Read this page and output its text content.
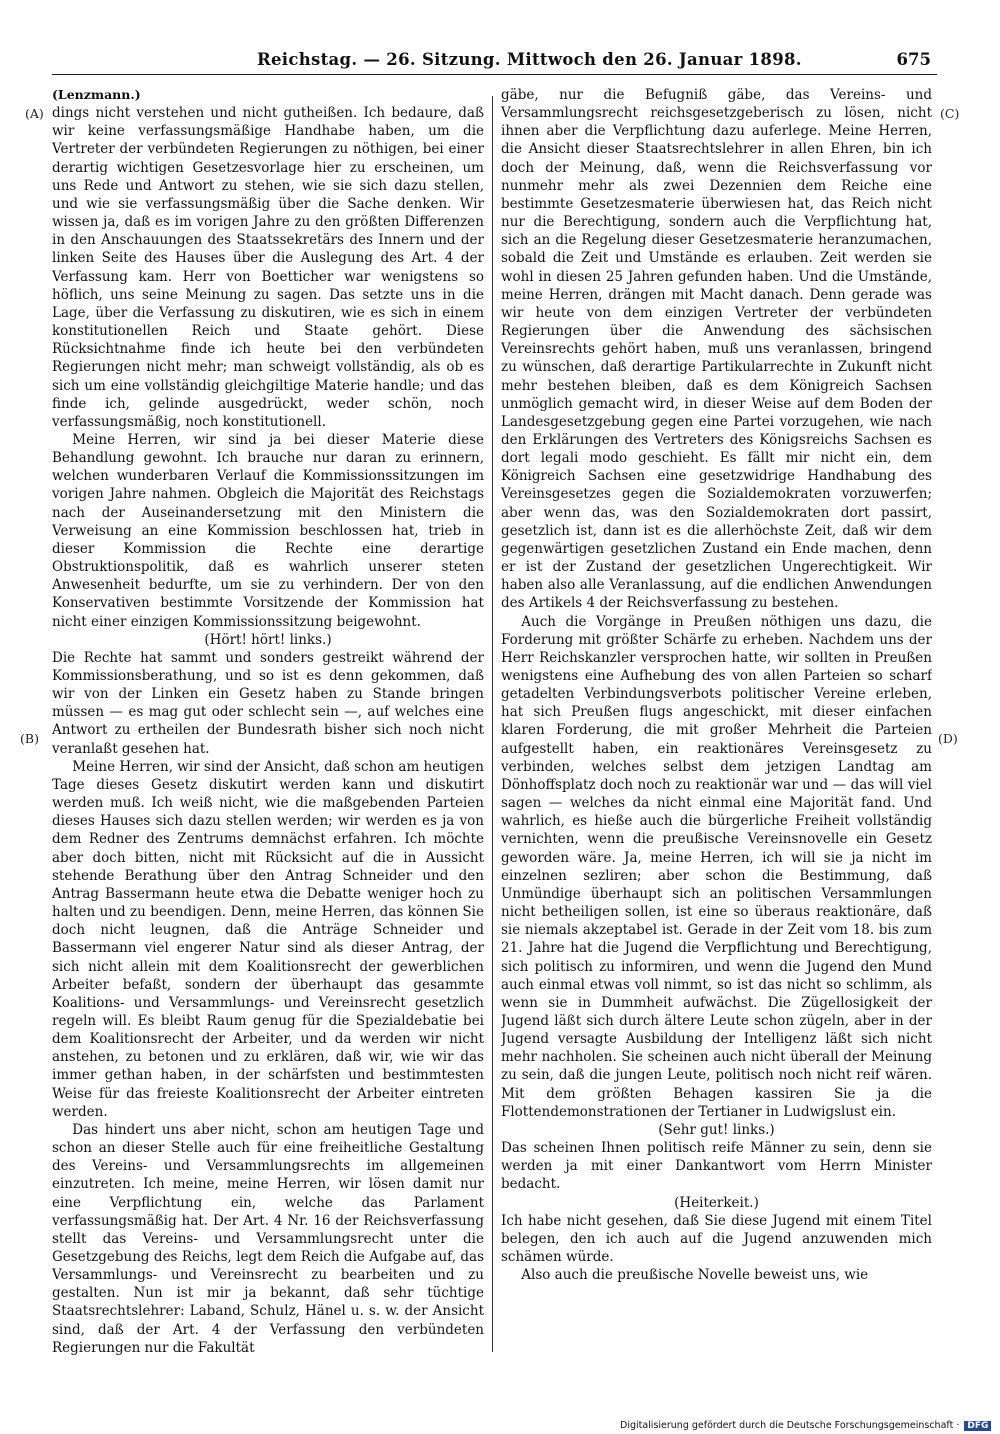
Reichstag. — 26. Sitzung. Mittwoch den 26. Januar 1898.	675
(A)
(B)
(C)
(D)

(Lenzmann.)

dings nicht verstehen und nicht gutheißen. Ich bedaure, daß wir keine verfassungsmäßige Handhabe haben, um die Vertreter der verbündeten Regierungen zu nöthigen, bei einer derartig wichtigen Gesetzesvorlage hier zu erscheinen, um uns Rede und Antwort zu stehen, wie sie sich dazu stellen, und wie sie verfassungsmäßig über die Sache denken. Wir wissen ja, daß es im vorigen Jahre zu den größten Differenzen in den Anschauungen des Staatssekretärs des Innern und der linken Seite des Hauses über die Auslegung des Art. 4 der Verfassung kam. Herr von Boetticher war wenigstens so höflich, uns seine Meinung zu sagen. Das setzte uns in die Lage, über die Verfassung zu diskutiren, wie es sich in einem konstitutionellen Reich und Staate gehört. Diese Rücksichtnahme finde ich heute bei den verbündeten Regierungen nicht mehr; man schweigt vollständig, als ob es sich um eine vollständig gleichgiltige Materie handle; und das finde ich, gelinde ausgedrückt, weder schön, noch verfassungsmäßig, noch konstitutionell.

Meine Herren, wir sind ja bei dieser Materie diese Behandlung gewohnt. Ich brauche nur daran zu erinnern, welchen wunderbaren Verlauf die Kommissionssitzungen im vorigen Jahre nahmen. Obgleich die Majorität des Reichstags nach der Auseinandersetzung mit den Ministern die Verweisung an eine Kommission beschlossen hat, trieb in dieser Kommission die Rechte eine derartige Obstruktionspolitik, daß es wahrlich unserer steten Anwesenheit bedurfte, um sie zu verhindern. Der von den Konservativen bestimmte Vorsitzende der Kommission hat nicht einer einzigen Kommissionssitzung beigewohnt.

(Hört! hört! links.)

Die Rechte hat sammt und sonders gestreikt während der Kommissionsberathung, und so ist es denn gekommen, daß wir von der Linken ein Gesetz haben zu Stande bringen müssen — es mag gut oder schlecht sein —, auf welches eine Antwort zu ertheilen der Bundesrath bisher sich noch nicht veranlaßt gesehen hat.

Meine Herren, wir sind der Ansicht, daß schon am heutigen Tage dieses Gesetz diskutirt werden kann und diskutirt werden muß. Ich weiß nicht, wie die maßgebenden Parteien dieses Hauses sich dazu stellen werden; wir werden es ja von dem Redner des Zentrums demnächst erfahren. Ich möchte aber doch bitten, nicht mit Rücksicht auf die in Aussicht stehende Berathung über den Antrag Schneider und den Antrag Bassermann heute etwa die Debatte weniger hoch zu halten und zu beendigen. Denn, meine Herren, das können Sie doch nicht leugnen, daß die Anträge Schneider und Bassermann viel engerer Natur sind als dieser Antrag, der sich nicht allein mit dem Koalitionsrecht der gewerblichen Arbeiter befaßt, sondern der überhaupt das gesammte Koalitions- und Versammlungs- und Vereinsrecht gesetzlich regeln will. Es bleibt Raum genug für die Spezialdebatie bei dem Koalitionsrecht der Arbeiter, und da werden wir nicht anstehen, zu betonen und zu erklären, daß wir, wie wir das immer gethan haben, in der schärfsten und bestimmtesten Weise für das freieste Koalitionsrecht der Arbeiter eintreten werden.

Das hindert uns aber nicht, schon am heutigen Tage und schon an dieser Stelle auch für eine freiheitliche Gestaltung des Vereins- und Versammlungsrechts im allgemeinen einzutreten. Ich meine, meine Herren, wir lösen damit nur eine Verpflichtung ein, welche das Parlament verfassungsmäßig hat. Der Art. 4 Nr. 16 der Reichsverfassung stellt das Vereins- und Versammlungsrecht unter die Gesetzgebung des Reichs, legt dem Reich die Aufgabe auf, das Versammlungs- und Vereinsrecht zu bearbeiten und zu gestalten. Nun ist mir ja bekannt, daß sehr tüchtige Staatsrechtslehrer: Laband, Schulz, Hänel u. s. w. der Ansicht sind, daß der Art. 4 der Verfassung den verbündeten Regierungen nur die Fakultät

gäbe, nur die Befugniß gäbe, das Vereins- und Versammlungsrecht reichsgesetzgeberisch zu lösen, nicht ihnen aber die Verpflichtung dazu auferlege. Meine Herren, die Ansicht dieser Staatsrechtslehrer in allen Ehren, bin ich doch der Meinung, daß, wenn die Reichsverfassung vor nunmehr mehr als zwei Dezennien dem Reiche eine bestimmte Gesetzesmaterie überwiesen hat, das Reich nicht nur die Berechtigung, sondern auch die Verpflichtung hat, sich an die Regelung dieser Gesetzesmaterie heranzumachen, sobald die Zeit und Umstände es erlauben. Zeit werden sie wohl in diesen 25 Jahren gefunden haben. Und die Umstände, meine Herren, drängen mit Macht danach. Denn gerade was wir heute von dem einzigen Vertreter der verbündeten Regierungen über die Anwendung des sächsischen Vereinsrechts gehört haben, muß uns veranlassen, bringend zu wünschen, daß derartige Partikularrechte in Zukunft nicht mehr bestehen bleiben, daß es dem Königreich Sachsen unmöglich gemacht wird, in dieser Weise auf dem Boden der Landesgesetzgebung gegen eine Partei vorzugehen, wie nach den Erklärungen des Vertreters des Königsreichs Sachsen es dort legali modo geschieht. Es fällt mir nicht ein, dem Königreich Sachsen eine gesetzwidrige Handhabung des Vereinsgesetzes gegen die Sozialdemokraten vorzuwerfen; aber wenn das, was den Sozialdemokraten dort passirt, gesetzlich ist, dann ist es die allerhöchste Zeit, daß wir dem gegenwärtigen gesetzlichen Zustand ein Ende machen, denn er ist der Zustand der gesetzlichen Ungerechtigkeit. Wir haben also alle Veranlassung, auf die endlichen Anwendungen des Artikels 4 der Reichsverfassung zu bestehen.

Auch die Vorgänge in Preußen nöthigen uns dazu, die Forderung mit größter Schärfe zu erheben. Nachdem uns der Herr Reichskanzler versprochen hatte, wir sollten in Preußen wenigstens eine Aufhebung des von allen Parteien so scharf getadelten Verbindungsverbots politischer Vereine erleben, hat sich Preußen flugs angeschickt, mit dieser einfachen klaren Forderung, die mit großer Mehrheit die Parteien aufgestellt haben, ein reaktionäres Vereinsgesetz zu verbinden, welches selbst dem jetzigen Landtag am Dönhoffsplatz doch noch zu reaktionär war und — das will viel sagen — welches da nicht einmal eine Majorität fand. Und wahrlich, es hieße auch die bürgerliche Freiheit vollständig vernichten, wenn die preußische Vereinsnovelle ein Gesetz geworden wäre. Ja, meine Herren, ich will sie ja nicht im einzelnen sezliren; aber schon die Bestimmung, daß Unmündige überhaupt sich an politischen Versammlungen nicht betheiligen sollen, ist eine so überaus reaktionäre, daß sie niemals akzeptabel ist. Gerade in der Zeit vom 18. bis zum 21. Jahre hat die Jugend die Verpflichtung und Berechtigung, sich politisch zu informiren, und wenn die Jugend den Mund auch einmal etwas voll nimmt, so ist das nicht so schlimm, als wenn sie in Dummheit aufwächst. Die Zügellosigkeit der Jugend läßt sich durch ältere Leute schon zügeln, aber in der Jugend versagte Ausbildung der Intelligenz läßt sich nicht mehr nachholen. Sie scheinen auch nicht überall der Meinung zu sein, daß die jungen Leute, politisch noch nicht reif wären. Mit dem größten Behagen kassiren Sie ja die Flottendemonstrationen der Tertianer in Ludwigslust ein.

(Sehr gut! links.)

Das scheinen Ihnen politisch reife Männer zu sein, denn sie werden ja mit einer Dankantwort vom Herrn Minister bedacht.

(Heiterkeit.)

Ich habe nicht gesehen, daß Sie diese Jugend mit einem Titel belegen, den ich auch auf die Jugend anzuwenden mich schämen würde.

Also auch die preußische Novelle beweist uns, wie

Digitalisierung gefördert durch die Deutsche Forschungsgemeinschaft · DFG
